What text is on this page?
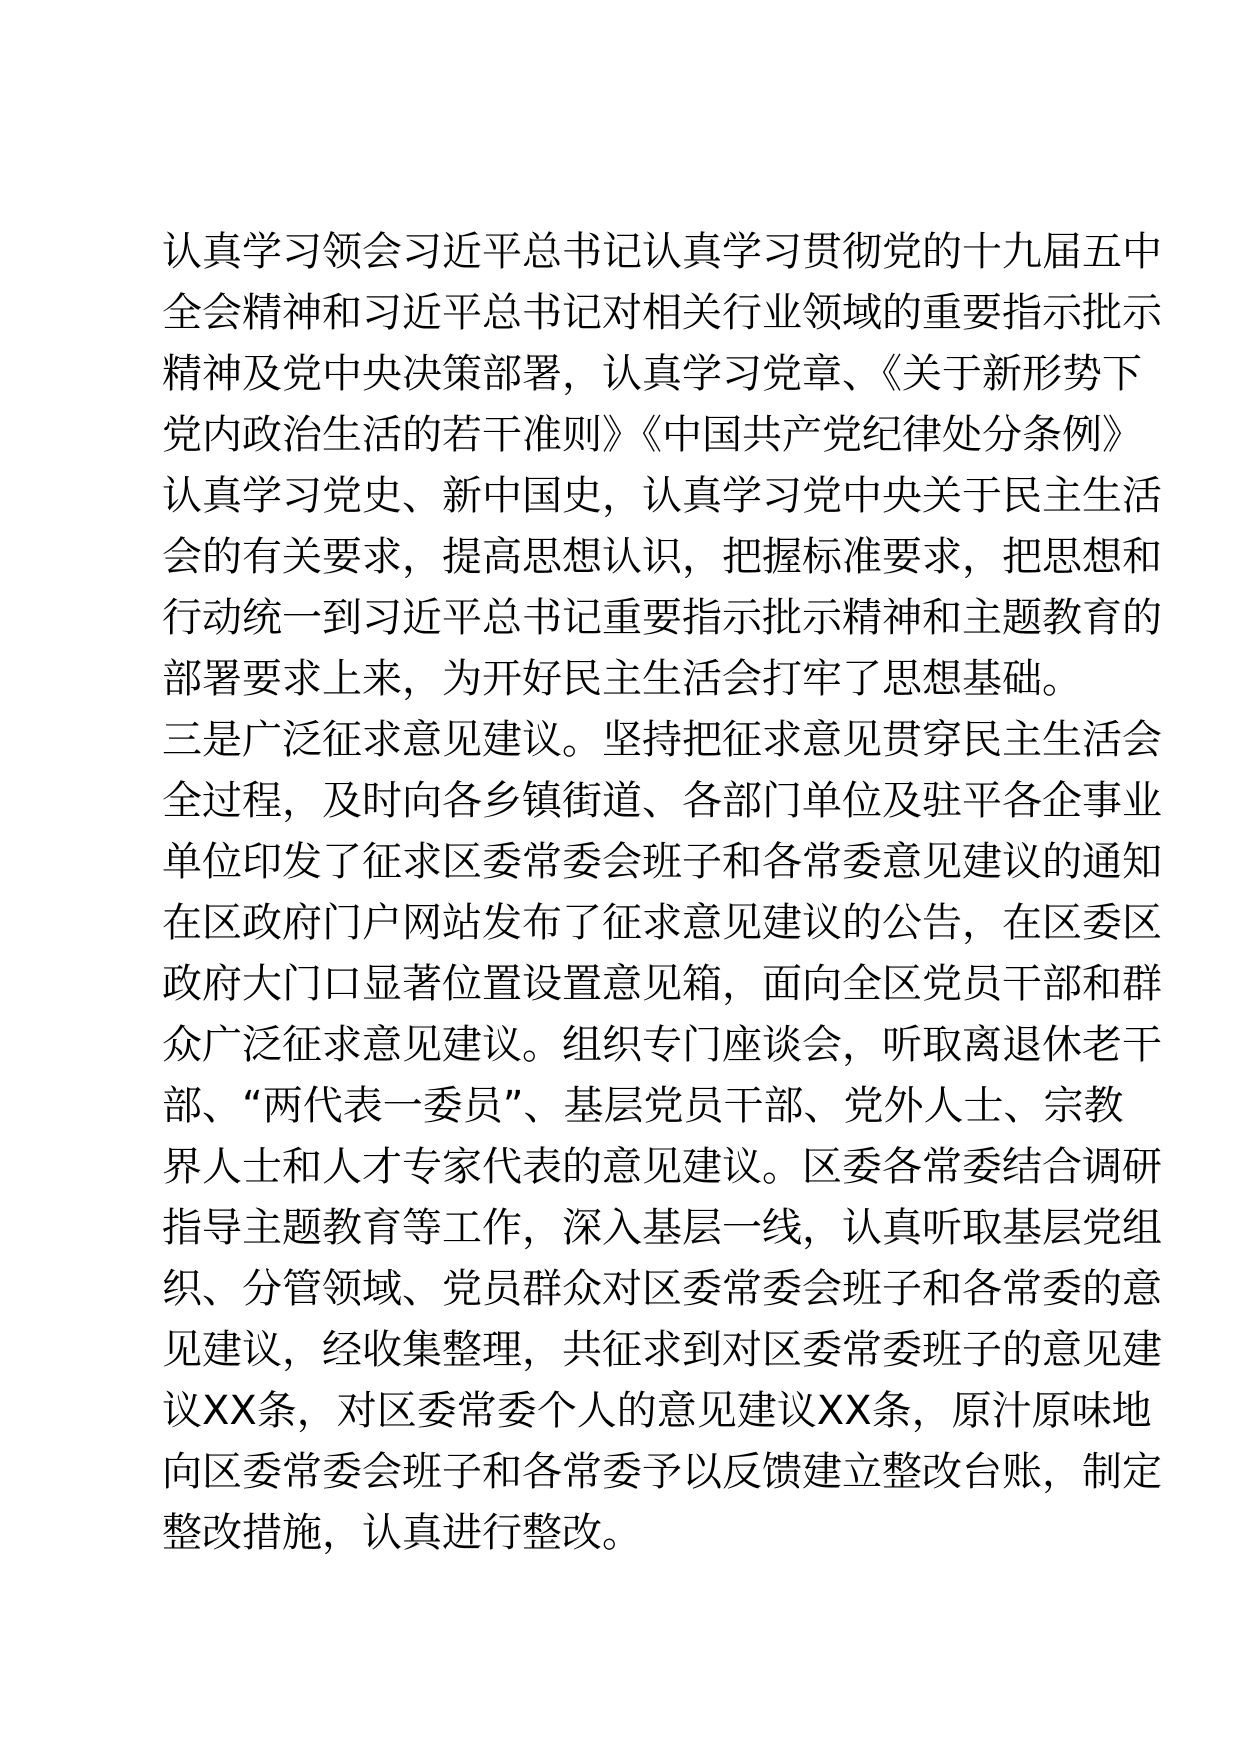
认真学习领会习近平总书记认真学习贯彻党的十九届五中
全会精神和习近平总书记对相关行业领域的重要指示批示
精神及党中央决策部署，认真学习党章、《关于新形势下
党内政治生活的若干准则》《中国共产党纪律处分条例》
认真学习党史、新中国史，认真学习党中央关于民主生活
会的有关要求，提高思想认识，把握标准要求，把思想和
行动统一到习近平总书记重要指示批示精神和主题教育的
部署要求上来，为开好民主生活会打牢了思想基础。
三是广泛征求意见建议。坚持把征求意见贯穿民主生活会
全过程，及时向各乡镇街道、各部门单位及驻平各企事业
单位印发了征求区委常委会班子和各常委意见建议的通知
在区政府门户网站发布了征求意见建议的公告，在区委区
政府大门口显著位置设置意见箱，面向全区党员干部和群
众广泛征求意见建议。组织专门座谈会，听取离退休老干
部、“两代表一委员”、基层党员干部、党外人士、宗教
界人士和人才专家代表的意见建议。区委各常委结合调研
指导主题教育等工作，深入基层一线，认真听取基层党组
织、分管领域、党员群众对区委常委会班子和各常委的意
见建议，经收集整理，共征求到对区委常委班子的意见建
议XX条，对区委常委个人的意见建议XX条，原汁原味地
向区委常委会班子和各常委予以反馈建立整改台账，制定
整改措施，认真进行整改。
